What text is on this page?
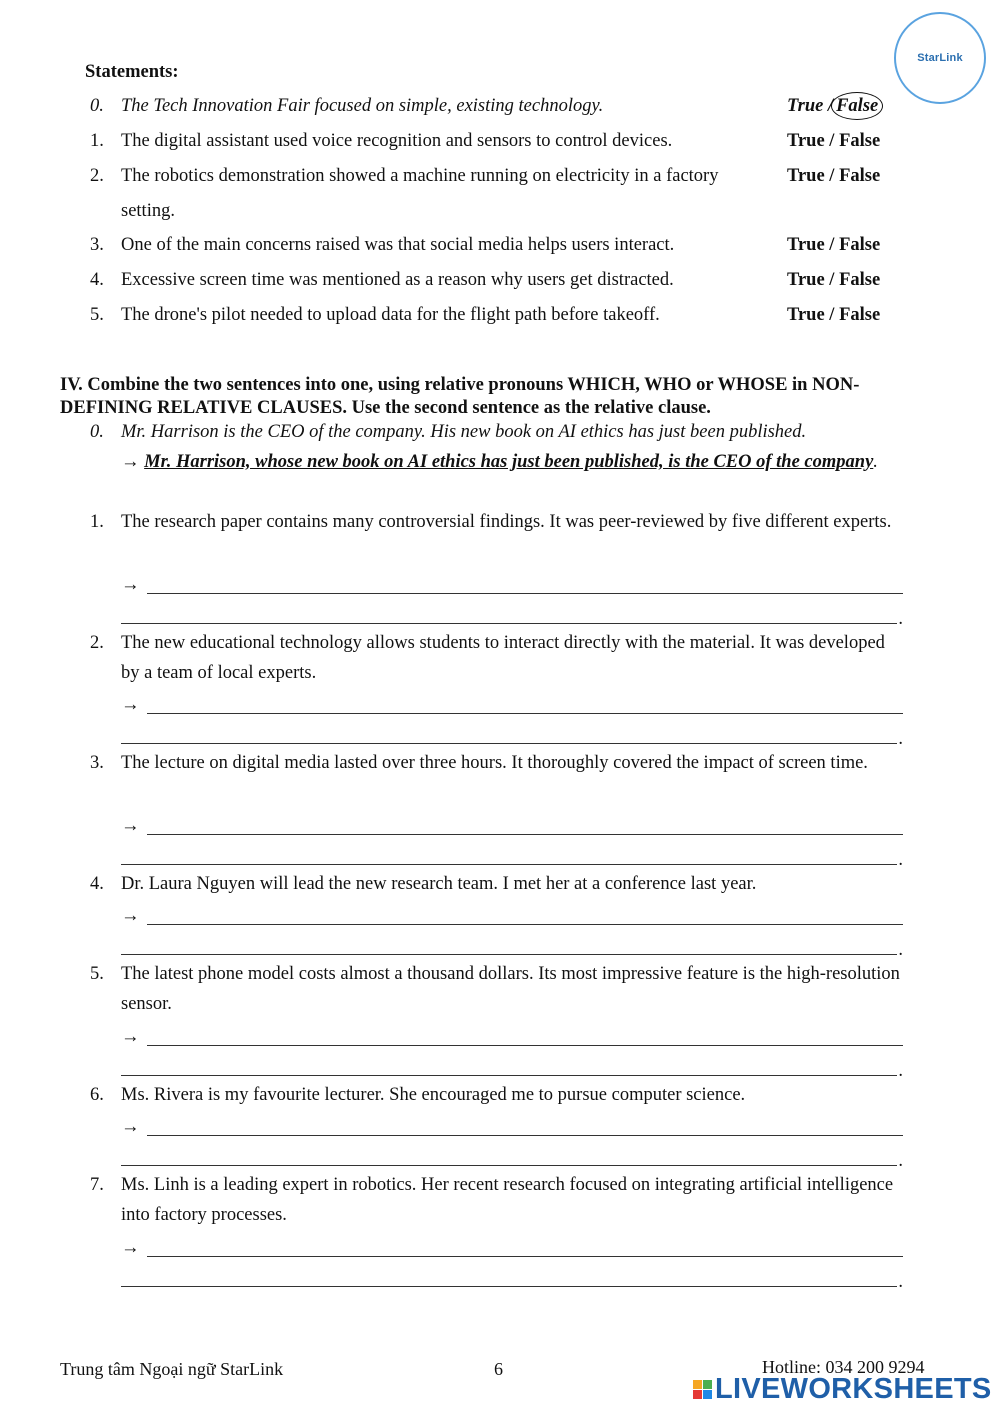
StarLink
Statements:
0. The Tech Innovation Fair focused on simple, existing technology.	True / False
1. The digital assistant used voice recognition and sensors to control devices.	True / False
2. The robotics demonstration showed a machine running on electricity in a factory setting.
True / False
3. One of the main concerns raised was that social media helps users interact.	True / False
4. Excessive screen time was mentioned as a reason why users get distracted.	True / False
5. The drone's pilot needed to upload data for the flight path before takeoff.	True / False
IV. Combine the two sentences into one, using relative pronouns WHICH, WHO or WHOSE in NON-DEFINING RELATIVE CLAUSES. Use the second sentence as the relative clause.
0. Mr. Harrison is the CEO of the company. His new book on AI ethics has just been published.
→ Mr. Harrison, whose new book on AI ethics has just been published, is the CEO of the company.
1. The research paper contains many controversial findings. It was peer-reviewed by five different experts.
→
.
2. The new educational technology allows students to interact directly with the material. It was developed by a team of local experts.
→
.
3. The lecture on digital media lasted over three hours. It thoroughly covered the impact of screen time.
→
.
4. Dr. Laura Nguyen will lead the new research team. I met her at a conference last year.
→
.
5. The latest phone model costs almost a thousand dollars. Its most impressive feature is the high-resolution sensor.
→
.
6. Ms. Rivera is my favourite lecturer. She encouraged me to pursue computer science.
→
.
7. Ms. Linh is a leading expert in robotics. Her recent research focused on integrating artificial intelligence into factory processes.
→
.
Trung tâm Ngoại ngữ StarLink	6	Hotline: 034 200 9294
LIVEWORKSHEETS
